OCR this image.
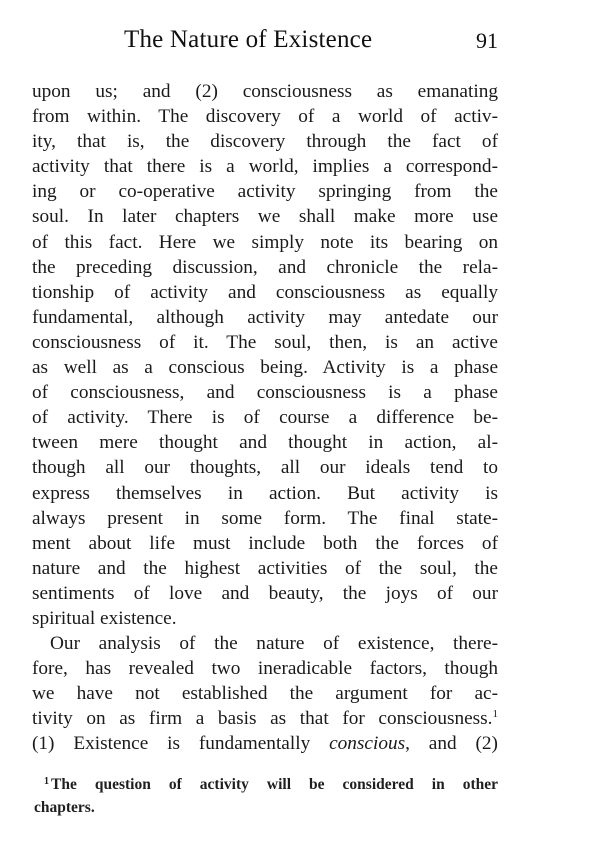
The Nature of Existence	91
upon us; and (2) consciousness as emanating
from within. The discovery of a world of activ-
ity, that is, the discovery through the fact of
activity that there is a world, implies a correspond-
ing or co-operative activity springing from the
soul. In later chapters we shall make more use
of this fact. Here we simply note its bearing on
the preceding discussion, and chronicle the rela-
tionship of activity and consciousness as equally
fundamental, although activity may antedate our
consciousness of it. The soul, then, is an active
as well as a conscious being. Activity is a phase
of consciousness, and consciousness is a phase
of activity. There is of course a difference be-
tween mere thought and thought in action, al-
though all our thoughts, all our ideals tend to
express themselves in action. But activity is
always present in some form. The final state-
ment about life must include both the forces of
nature and the highest activities of the soul, the
sentiments of love and beauty, the joys of our
spiritual existence.
Our analysis of the nature of existence, there-
fore, has revealed two ineradicable factors, though
we have not established the argument for ac-
tivity on as firm a basis as that for consciousness.$^1$
(1) Existence is fundamentally conscious, and (2)
$^1$ The question of activity will be considered in other
chapters.
